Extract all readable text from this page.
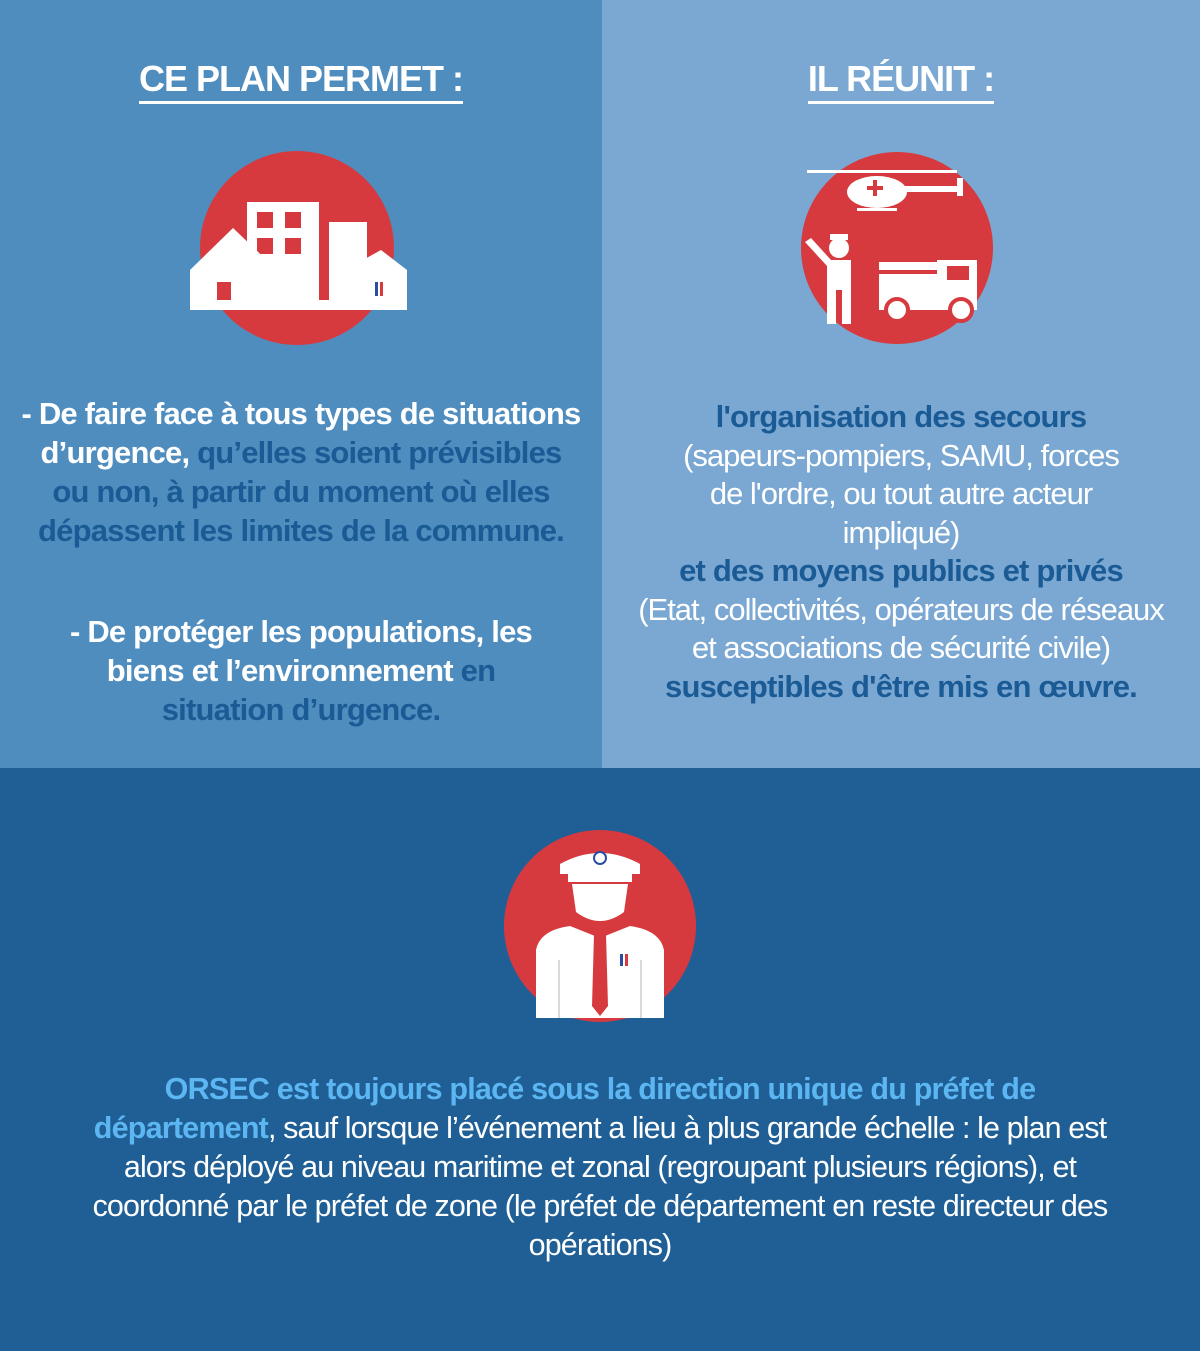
CE PLAN PERMET :
- De faire face à tous types de situations d’urgence, qu’elles soient prévisibles ou non, à partir du moment où elles dépassent les limites de la commune.
- De protéger les populations, les biens et l’environnement en situation d’urgence.
IL RÉUNIT :
l'organisation des secours
(sapeurs-pompiers, SAMU, forces de l'ordre, ou tout autre acteur impliqué)
et des moyens publics et privés
(Etat, collectivités, opérateurs de réseaux et associations de sécurité civile)
susceptibles d'être mis en œuvre.
ORSEC est toujours placé sous la direction unique du préfet de département, sauf lorsque l’événement a lieu à plus grande échelle : le plan est alors déployé au niveau maritime et zonal (regroupant plusieurs régions), et coordonné par le préfet de zone (le préfet de département en reste directeur des opérations)
